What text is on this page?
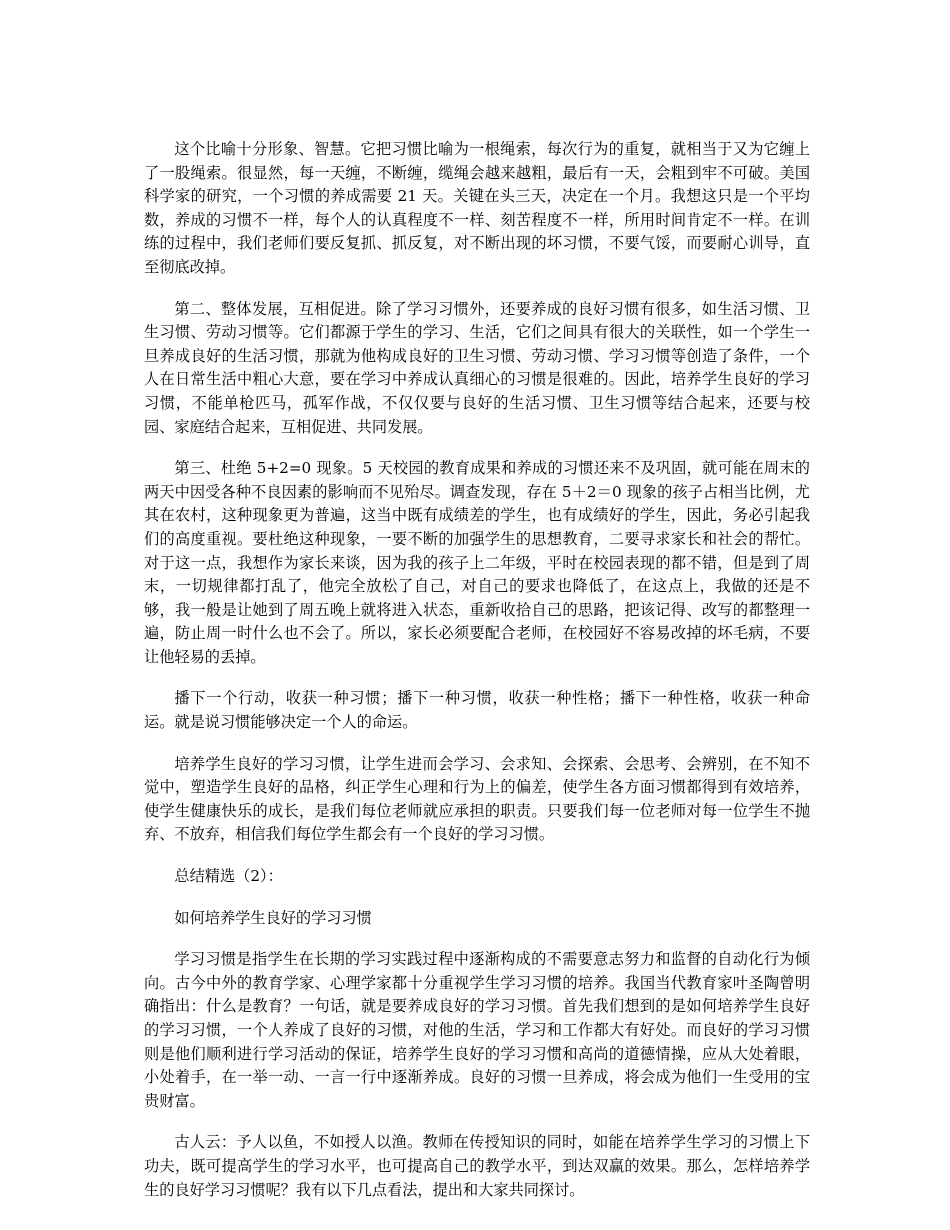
这个比喻十分形象、智慧。它把习惯比喻为一根绳索，每次行为的重复，就相当于又为它缠上了一股绳索。很显然，每一天缠，不断缠，缆绳会越来越粗，最后有一天，会粗到牢不可破。美国科学家的研究，一个习惯的养成需要 21 天。关键在头三天，决定在一个月。我想这只是一个平均数，养成的习惯不一样，每个人的认真程度不一样、刻苦程度不一样，所用时间肯定不一样。在训练的过程中，我们老师们要反复抓、抓反复，对不断出现的坏习惯，不要气馁，而要耐心训导，直至彻底改掉。

第二、整体发展，互相促进。除了学习习惯外，还要养成的良好习惯有很多，如生活习惯、卫生习惯、劳动习惯等。它们都源于学生的学习、生活，它们之间具有很大的关联性，如一个学生一旦养成良好的生活习惯，那就为他构成良好的卫生习惯、劳动习惯、学习习惯等创造了条件，一个人在日常生活中粗心大意，要在学习中养成认真细心的习惯是很难的。因此，培养学生良好的学习习惯，不能单枪匹马，孤军作战，不仅仅要与良好的生活习惯、卫生习惯等结合起来，还要与校园、家庭结合起来，互相促进、共同发展。

第三、杜绝 5+2=0 现象。5 天校园的教育成果和养成的习惯还来不及巩固，就可能在周末的两天中因受各种不良因素的影响而不见殆尽。调查发现，存在 5＋2＝0 现象的孩子占相当比例，尤其在农村，这种现象更为普遍，这当中既有成绩差的学生，也有成绩好的学生，因此，务必引起我们的高度重视。要杜绝这种现象，一要不断的加强学生的思想教育，二要寻求家长和社会的帮忙。对于这一点，我想作为家长来谈，因为我的孩子上二年级，平时在校园表现的都不错，但是到了周末，一切规律都打乱了，他完全放松了自己，对自己的要求也降低了，在这点上，我做的还是不够，我一般是让她到了周五晚上就将进入状态，重新收拾自己的思路，把该记得、改写的都整理一遍，防止周一时什么也不会了。所以，家长必须要配合老师，在校园好不容易改掉的坏毛病，不要让他轻易的丢掉。

播下一个行动，收获一种习惯；播下一种习惯，收获一种性格；播下一种性格，收获一种命运。就是说习惯能够决定一个人的命运。

培养学生良好的学习习惯，让学生进而会学习、会求知、会探索、会思考、会辨别，在不知不觉中，塑造学生良好的品格，纠正学生心理和行为上的偏差，使学生各方面习惯都得到有效培养，使学生健康快乐的成长，是我们每位老师就应承担的职责。只要我们每一位老师对每一位学生不抛弃、不放弃，相信我们每位学生都会有一个良好的学习习惯。

总结精选（2）：

如何培养学生良好的学习习惯

学习习惯是指学生在长期的学习实践过程中逐渐构成的不需要意志努力和监督的自动化行为倾向。古今中外的教育学家、心理学家都十分重视学生学习习惯的培养。我国当代教育家叶圣陶曾明确指出：什么是教育？一句话，就是要养成良好的学习习惯。首先我们想到的是如何培养学生良好的学习习惯，一个人养成了良好的习惯，对他的生活，学习和工作都大有好处。而良好的学习习惯则是他们顺利进行学习活动的保证，培养学生良好的学习习惯和高尚的道德情操，应从大处着眼，小处着手，在一举一动、一言一行中逐渐养成。良好的习惯一旦养成，将会成为他们一生受用的宝贵财富。

古人云：予人以鱼，不如授人以渔。教师在传授知识的同时，如能在培养学生学习的习惯上下功夫，既可提高学生的学习水平，也可提高自己的教学水平，到达双赢的效果。那么，怎样培养学生的良好学习习惯呢？我有以下几点看法，提出和大家共同探讨。
